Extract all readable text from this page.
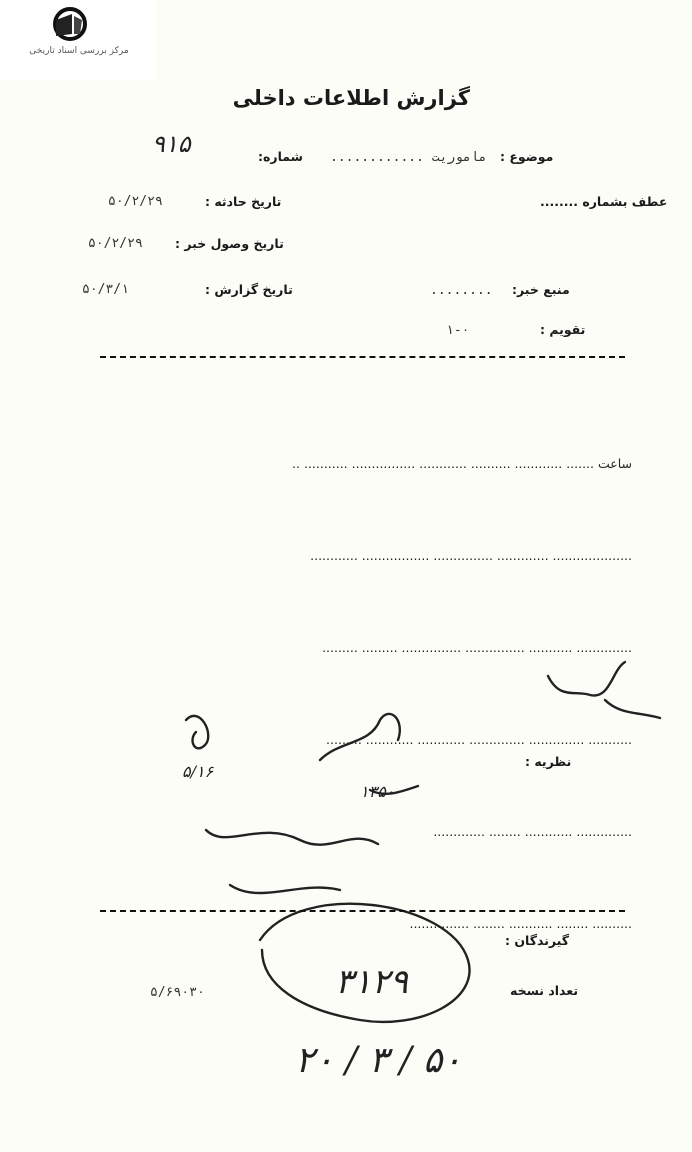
مرکز بررسی اسناد تاریخی
گزارش اطلاعات داخلی
موضوع :
ماموریت ............
شماره:
۹۱۵
عطف بشماره ........
تاریخ حادثه :
۵۰/۲/۲۹
تاریخ وصول خبر :
۵۰/۲/۲۹
منبع خبر:
........
تاریخ گزارش :
۵۰/۳/۱
تقویم :
۱-۰

ساعت ....... ............ .......... ............ ................ ........... ..

.................... ............. ............... ................. ............

.............. ........... ............... ............... ......... .........

........... .............. .............. ............ ............ .........

.............. ............ ........ .............

.......... ........ ........... ........ ...............

نظریه :
۵/۱۶
۱۳۵۰
گیرندگان :
تعداد نسخه
۵/۶۹۰۳۰	۳۱۲۹
۲۰ / ۳ / ۵۰
